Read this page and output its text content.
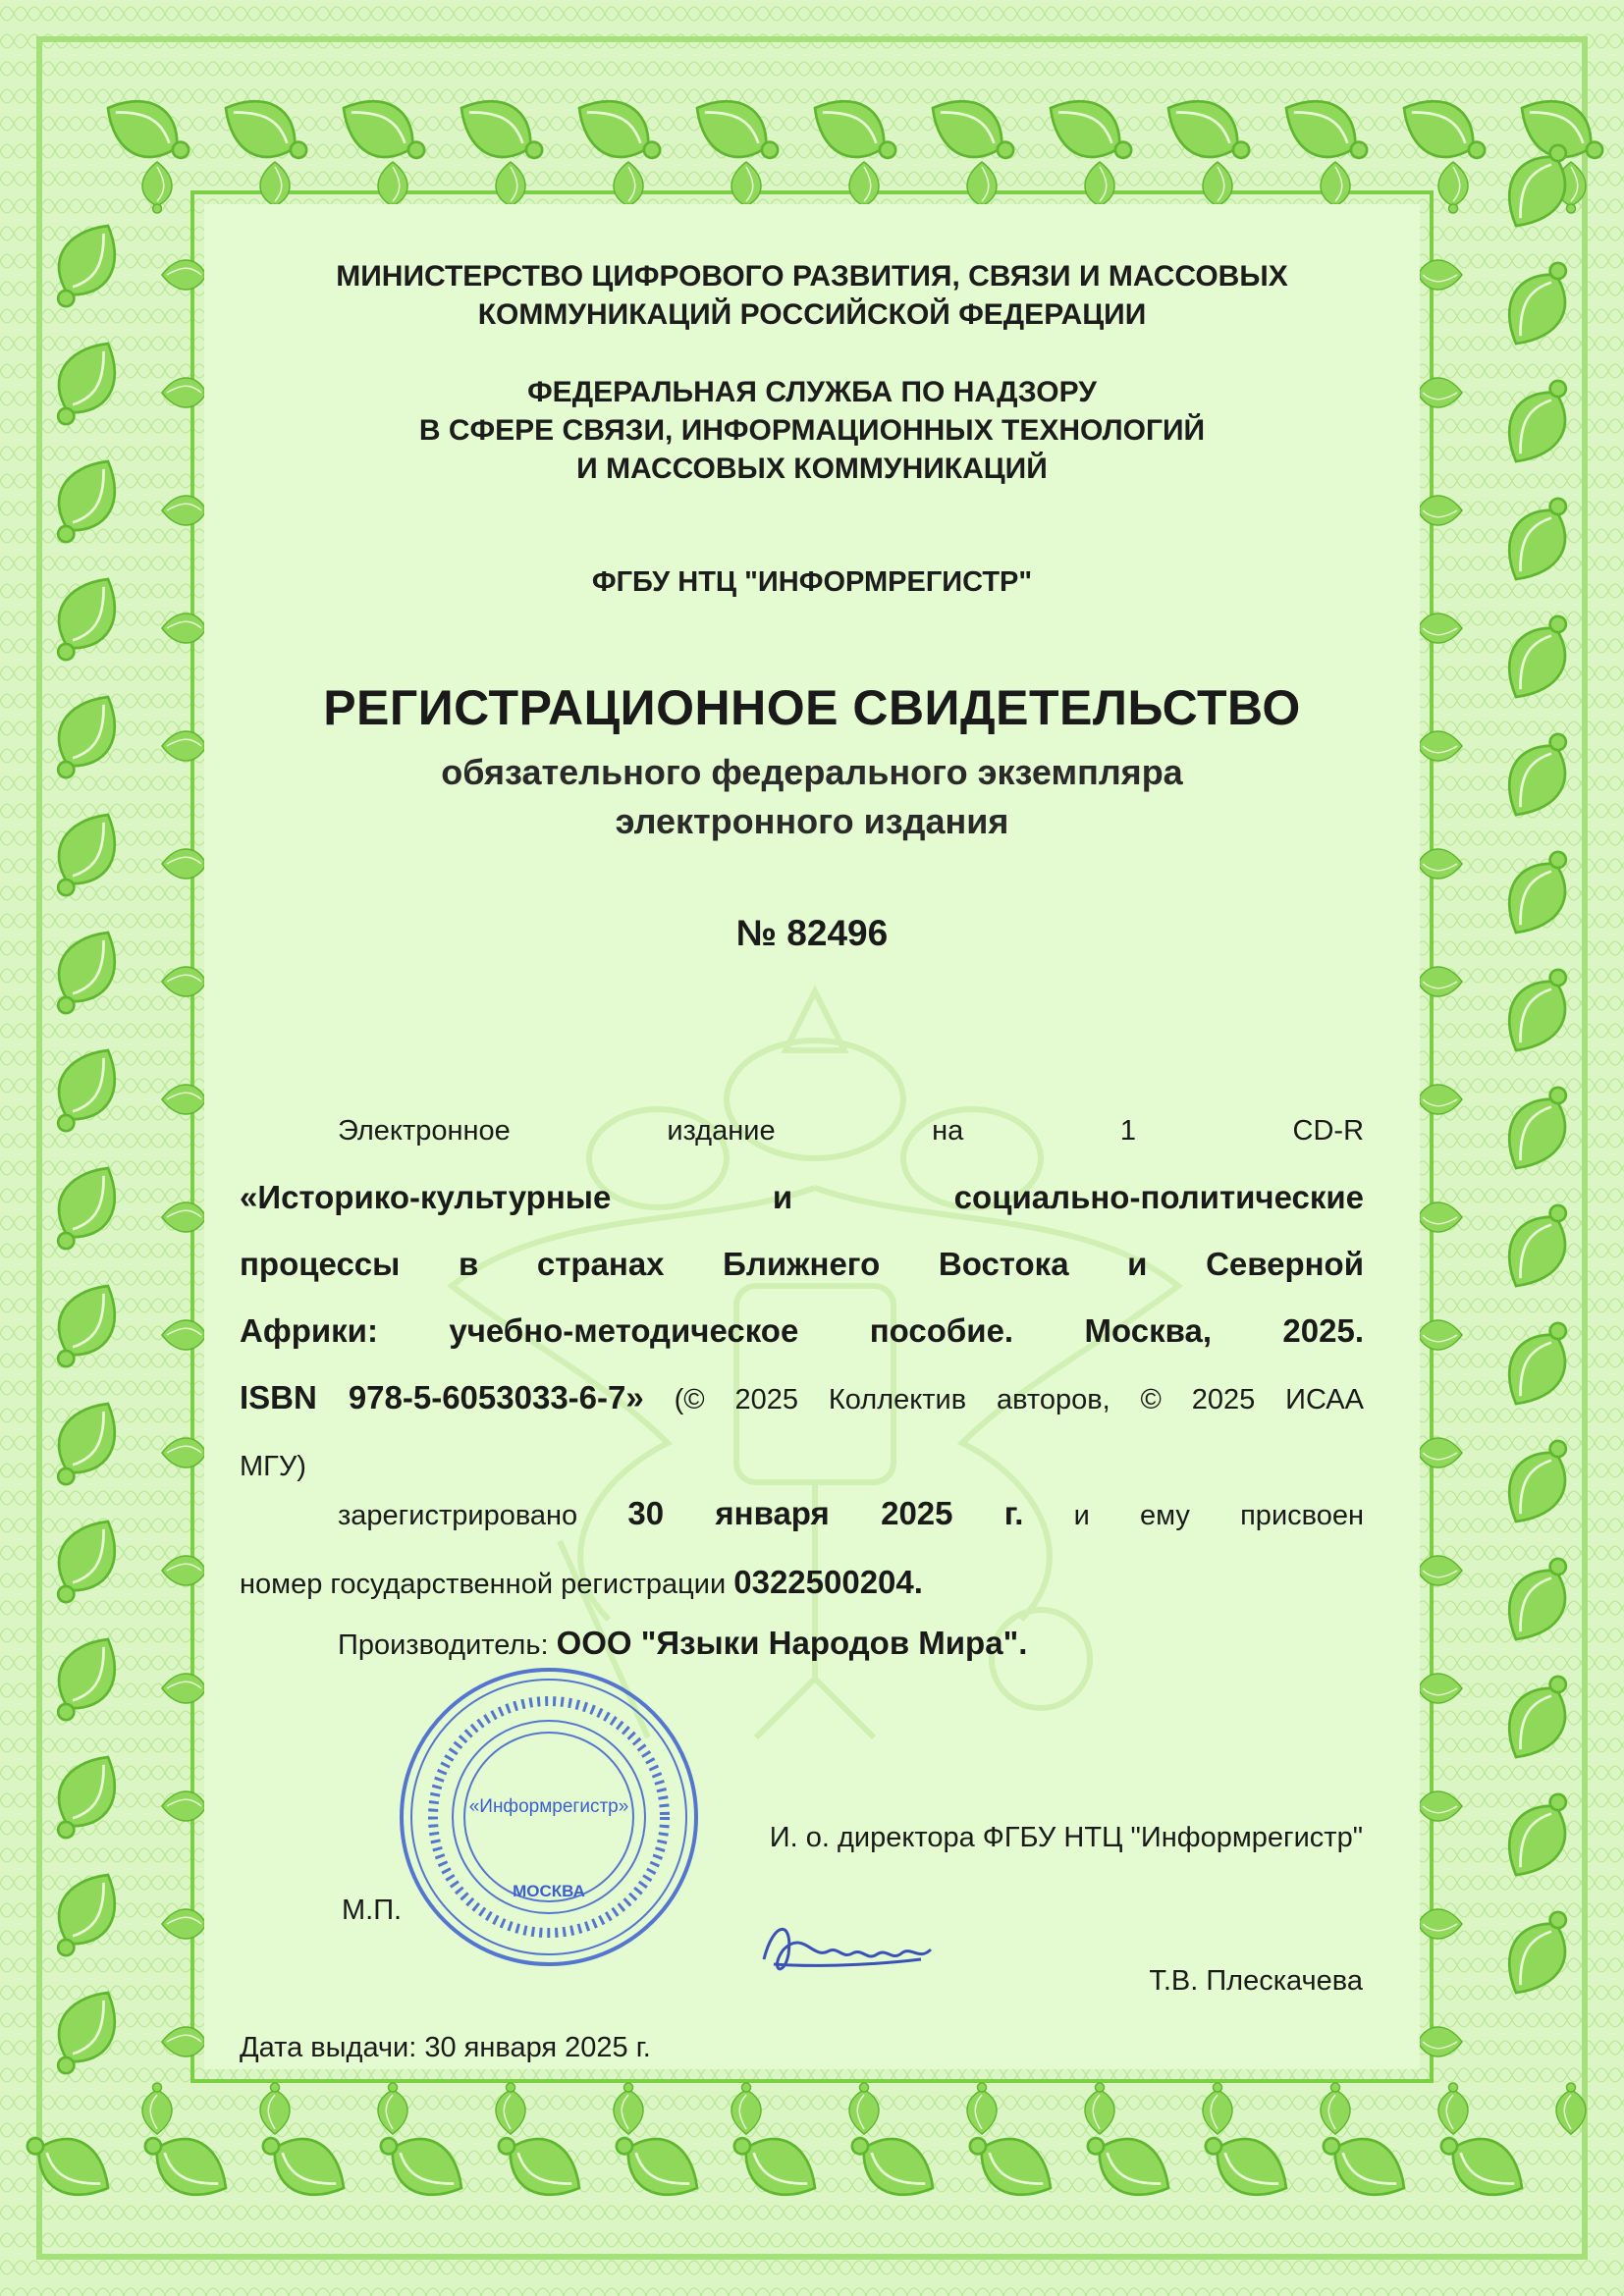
МИНИСТЕРСТВО ЦИФРОВОГО РАЗВИТИЯ, СВЯЗИ И МАССОВЫХ
КОММУНИКАЦИЙ РОССИЙСКОЙ ФЕДЕРАЦИИ
ФЕДЕРАЛЬНАЯ СЛУЖБА ПО НАДЗОРУ
В СФЕРЕ СВЯЗИ, ИНФОРМАЦИОННЫХ ТЕХНОЛОГИЙ
И МАССОВЫХ КОММУНИКАЦИЙ
ФГБУ НТЦ "ИНФОРМРЕГИСТР"
РЕГИСТРАЦИОННОЕ СВИДЕТЕЛЬСТВО
обязательного федерального экземпляра
электронного издания
№ 82496
Электронное	издание	на	1	CD-R
«Историко-культурные и социально-политические
процессы в странах Ближнего Востока и Северной
Африки: учебно-методическое пособие. Москва, 2025.
ISBN 978-5-6053033-6-7» (© 2025 Коллектив авторов, © 2025 ИСАА
МГУ)
зарегистрировано 30 января 2025 г. и ему присвоен
номер государственной регистрации 0322500204.
Производитель: ООО "Языки Народов Мира".
И. о. директора ФГБУ НТЦ "Информрегистр"
М.П.
Т.В. Плескачева
Дата выдачи: 30 января 2025 г.
«Информрегистр»
МОСКВА
